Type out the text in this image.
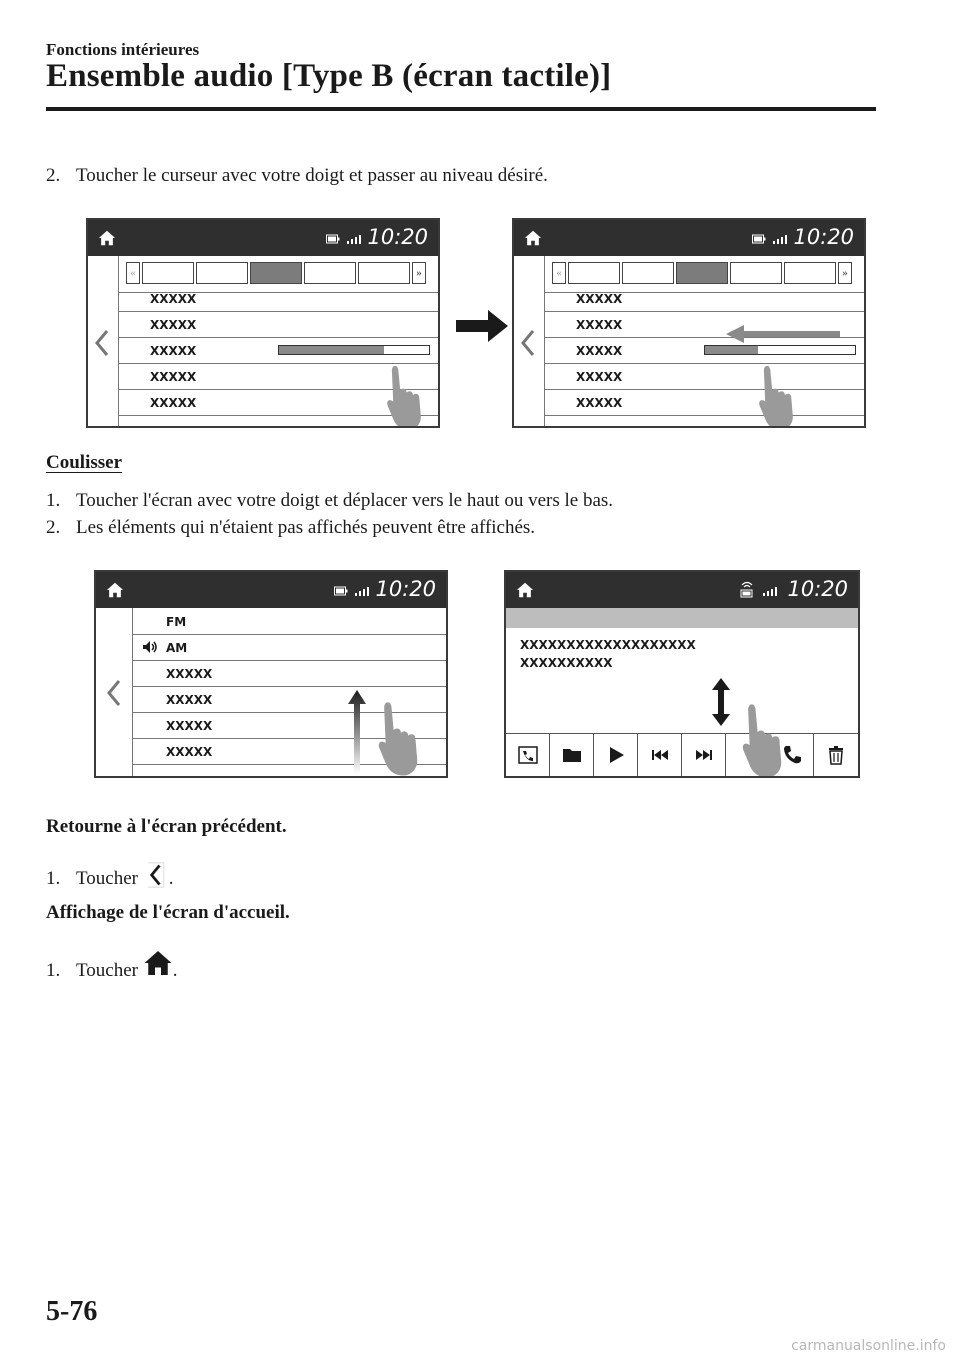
Fonctions intérieures
Ensemble audio [Type B (écran tactile)]
2. Toucher le curseur avec votre doigt et passer au niveau désiré.
10:20
«	»
XXXXX
XXXXX
XXXXX
XXXXX
XXXXX
10:20
«	»
XXXXX
XXXXX
XXXXX
XXXXX
XXXXX
Coulisser
1. Toucher l'écran avec votre doigt et déplacer vers le haut ou vers le bas.
2. Les éléments qui n'étaient pas affichés peuvent être affichés.
10:20
FM
AM
XXXXX
XXXXX
XXXXX
XXXXX
10:20
XXXXXXXXXXXXXXXXXXX
XXXXXXXXXX
Retourne à l'écran précédent.
1. Toucher .
Affichage de l'écran d'accueil.
1. Toucher .
5-76
carmanualsonline.info
